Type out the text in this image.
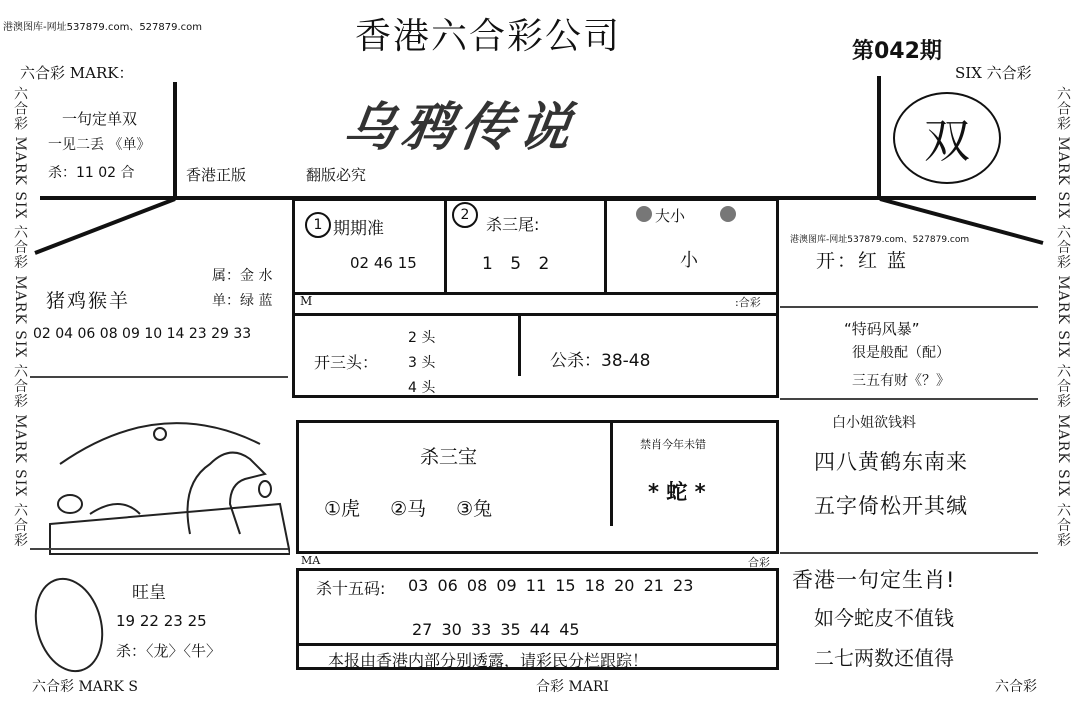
港澳图库-网址537879.com、527879.com
港澳图库-网址537879.com、527879.com
香港六合彩公司	第042期
六合彩 MARK：	SIX 六合彩
乌鸦传说	双
一句定单双
一见二丢 《单》
杀：11 02 合	香港正版	翻版必究
六合彩 MARK SIX 六合彩 MARK SIX 六合彩 MARK SIX 六合彩	六合彩 MARK SIX 六合彩 MARK SIX 六合彩 MARK SIX 六合彩
猪鸡猴羊
属：金 水
单：绿 蓝
02 04 06 08 09 10 14 23 29 33
1 期期准
02 46 15
2 杀三尾:
1 5 2
大小
小
M	:合彩
开三头：
2 头
3 头
4 头
公杀：38-48
开：红 蓝
“特码风暴”
很是般配（配）
三五有财《？》
白小姐欲钱料
四八黄鹤东南来
五字倚松开其缄
杀三宝
①虎 ②马 ③兔
禁肖今年未错
* 蛇 *
旺皇
19 22 23 25
杀：〈龙〉〈牛〉
MA	合彩
杀十五码: 03 06 08 09 11 15 18 20 21 23
27 30 33 35 44 45
本报由香港内部分别透露，请彩民分栏跟踪！
香港一句定生肖!
如今蛇皮不值钱
二七两数还值得
六合彩 MARK S	合彩 MARI	六合彩
